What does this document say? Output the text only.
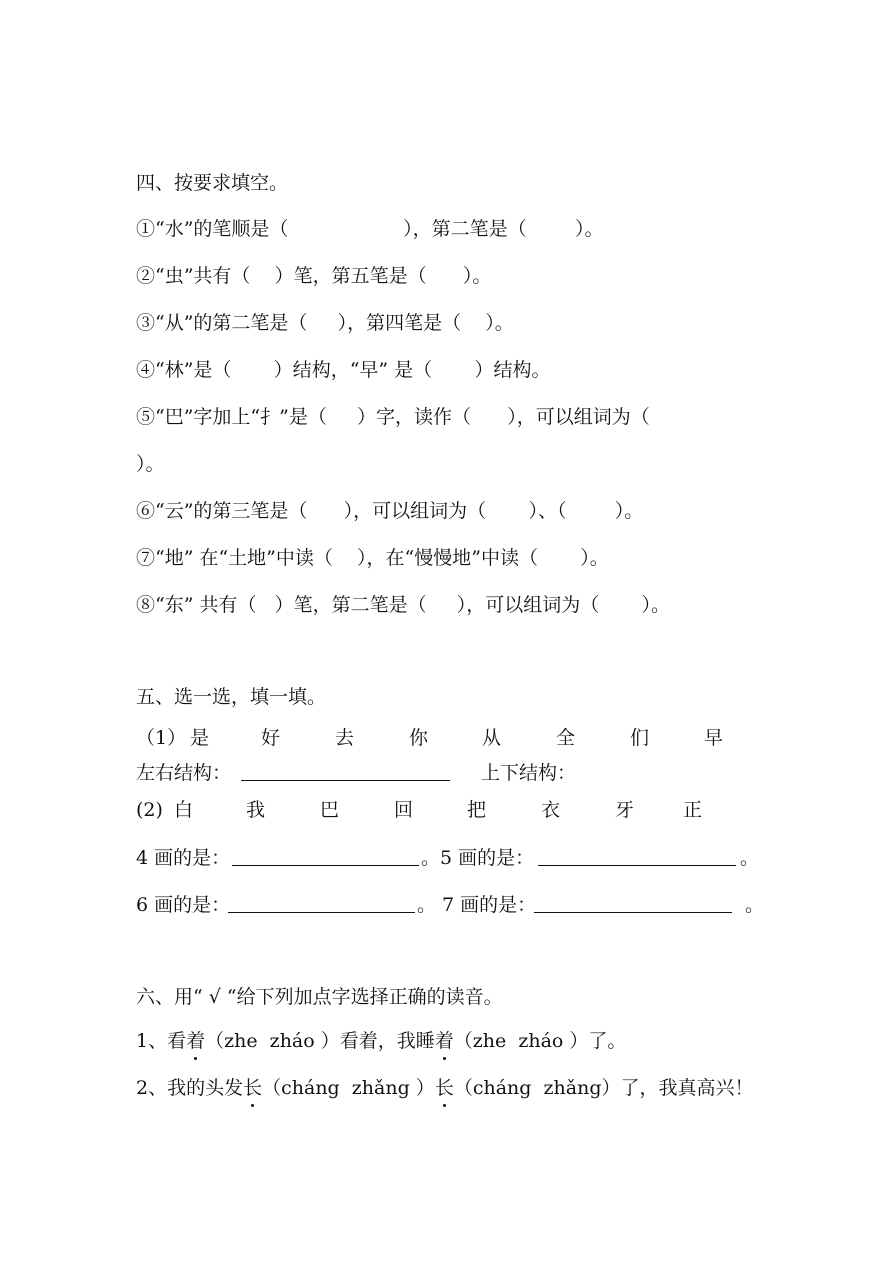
四、按要求填空。
①“水”的笔顺是（                   ），第二笔是（        ）。
②“虫”共有（    ）笔，第五笔是（      ）。
③“从”的第二笔是（     ），第四笔是（    ）。
④“林”是（       ）结构，“早” 是（       ）结构。
⑤“巴”字加上“扌”是（     ）字，读作（      ），可以组词为（
）。
⑥“云”的第三笔是（      ），可以组词为（       ）、（        ）。
⑦“地” 在“土地”中读（    ），在“慢慢地”中读（       ）。
⑧“东” 共有（   ）笔，第二笔是（     ），可以组词为（       ）。
五、选一选，填一填。
（1） 是	好	去	你	从	全	们	早
左右结构：	上下结构：
(2) 白	我	巴	回	把	衣	牙	正
4 画的是：	。5 画的是：	。
6 画的是：	。 7 画的是：	。
六、用“ √ “给下列加点字选择正确的读音。
1、看着（zhe  zháo ）看着，我睡着（zhe  zháo ）了。
2、我的头发长（cháng  zhǎng ）长（cháng  zhǎng）了，我真高兴！
